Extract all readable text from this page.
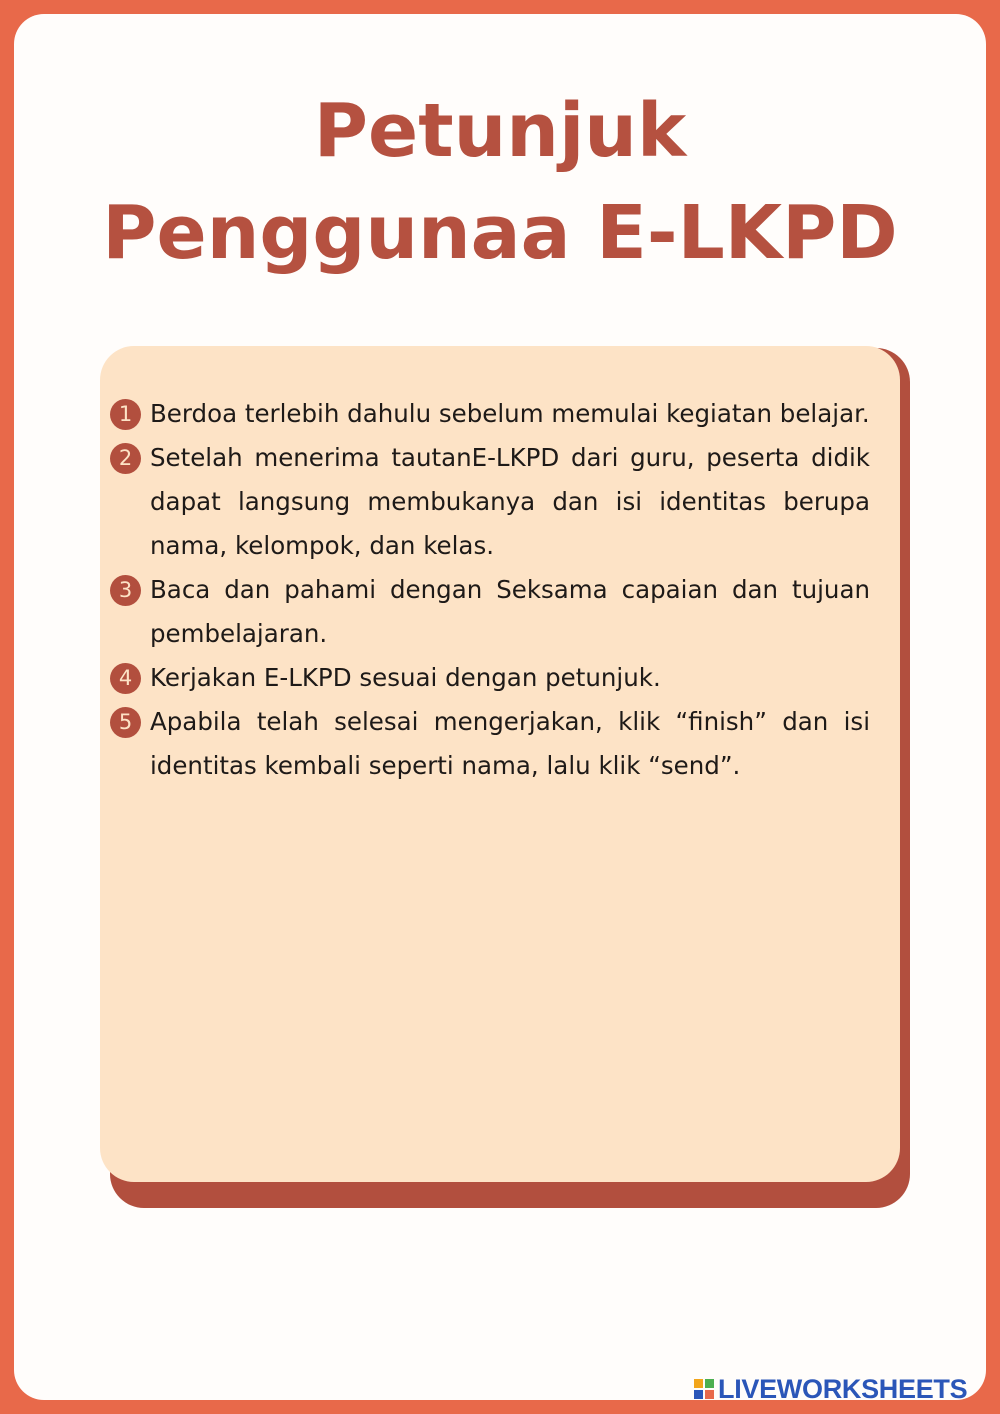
Petunjuk
Penggunaa E-LKPD
1 Berdoa terlebih dahulu sebelum memulai kegiatan belajar.
2 Setelah menerima tautanE-LKPD dari guru, peserta didik dapat langsung membukanya dan isi identitas berupa nama, kelompok, dan kelas.
3 Baca dan pahami dengan Seksama capaian dan tujuan pembelajaran.
4 Kerjakan E-LKPD sesuai dengan petunjuk.
5 Apabila telah selesai mengerjakan, klik “finish” dan isi identitas kembali seperti nama, lalu klik “send”.
LIVEWORKSHEETS
